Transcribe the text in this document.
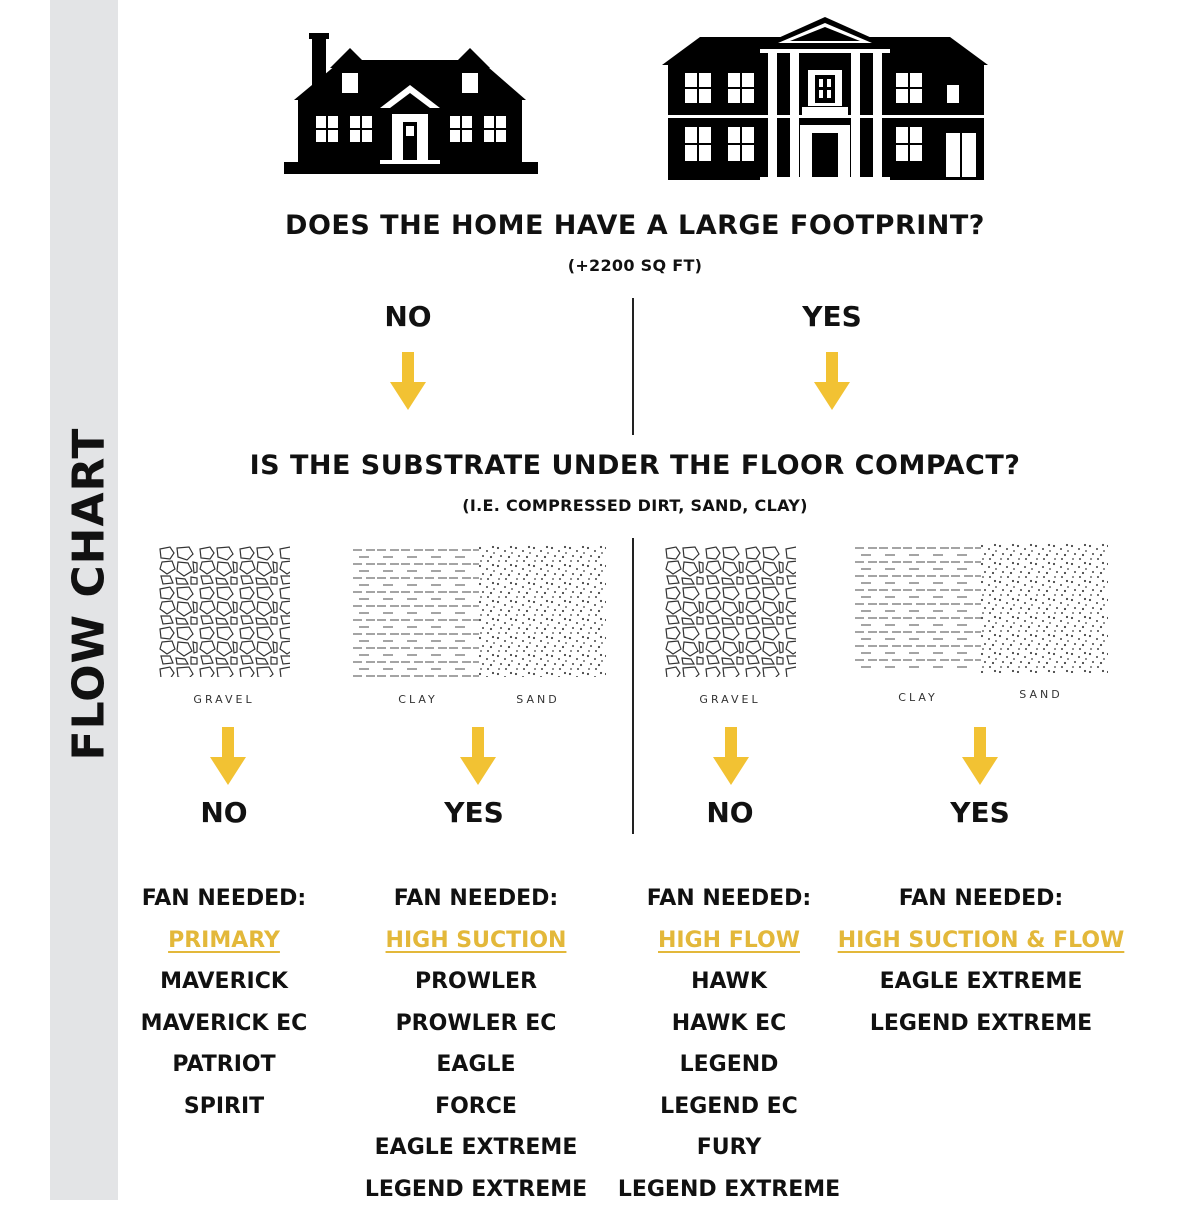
FLOW CHART
DOES THE HOME HAVE A LARGE FOOTPRINT?
(+2200 SQ FT)
NO	YES
IS THE SUBSTRATE UNDER THE FLOOR COMPACT?
(I.E. COMPRESSED DIRT, SAND, CLAY)
GRAVEL	CLAY	SAND	GRAVEL	CLAY	SAND
NO	YES	NO	YES
FAN NEEDED:
PRIMARY
MAVERICK
MAVERICK EC
PATRIOT
SPIRIT
FAN NEEDED:
HIGH SUCTION
PROWLER
PROWLER EC
EAGLE
FORCE
EAGLE EXTREME
LEGEND EXTREME
FAN NEEDED:
HIGH FLOW
HAWK
HAWK EC
LEGEND
LEGEND EC
FURY
LEGEND EXTREME
FAN NEEDED:
HIGH SUCTION & FLOW
EAGLE EXTREME
LEGEND EXTREME
